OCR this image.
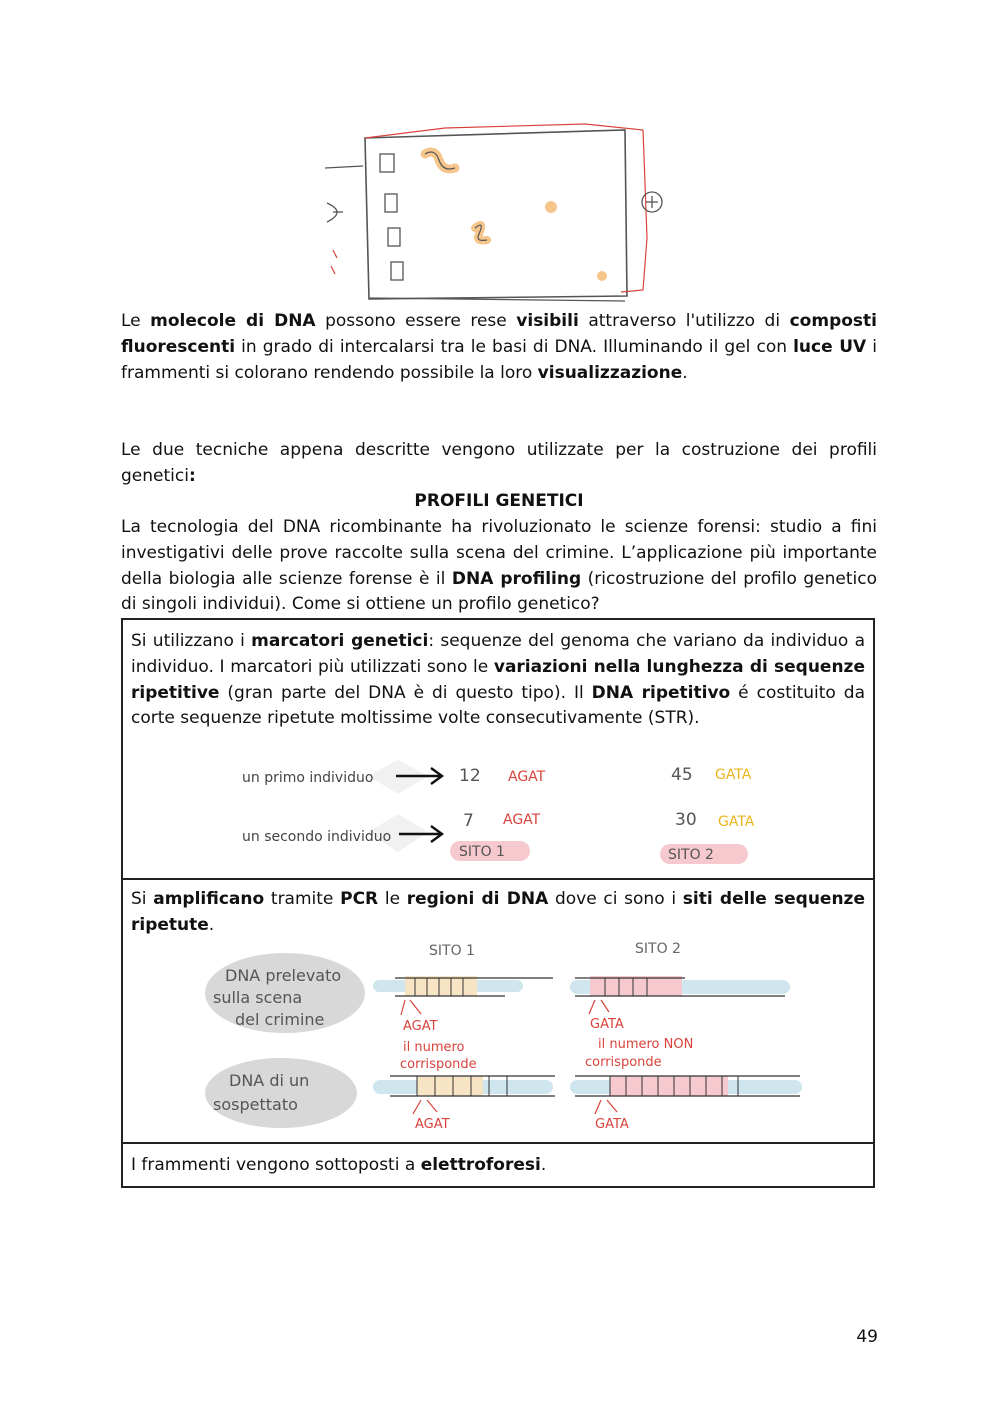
Le molecole di DNA possono essere rese visibili attraverso l'utilizzo di composti fluorescenti in grado di intercalarsi tra le basi di DNA. Illuminando il gel con luce UV i frammenti si colorano rendendo possibile la loro visualizzazione.

Le due tecniche appena descritte vengono utilizzate per la costruzione dei profili genetici:

PROFILI GENETICI

La tecnologia del DNA ricombinante ha rivoluzionato le scienze forensi: studio a fini investigativi delle prove raccolte sulla scena del crimine. L’applicazione più importante della biologia alle scienze forense è il DNA profiling (ricostruzione del profilo genetico di singoli individui). Come si ottiene un profilo genetico?

Si utilizzano i marcatori genetici: sequenze del genoma che variano da individuo a individuo. I marcatori più utilizzati sono le variazioni nella lunghezza di sequenze ripetitive (gran parte del DNA è di questo tipo). Il DNA ripetitivo é costituito da corte sequenze ripetute moltissime volte consecutivamente (STR).

un primo individuo
un secondo individuo
12 AGAT	45 GATA
7 AGAT	30 GATA
SITO 1	SITO 2

Si amplificano tramite PCR le regioni di DNA dove ci sono i siti delle sequenze ripetute.

SITO 1	SITO 2
DNA prelevato
sulla scena
del crimine
DNA di un
sospettato
AGAT
il numero
corrisponde
GATA
il numero NON
corrisponde
AGAT	GATA

I frammenti vengono sottoposti a elettroforesi.

49
